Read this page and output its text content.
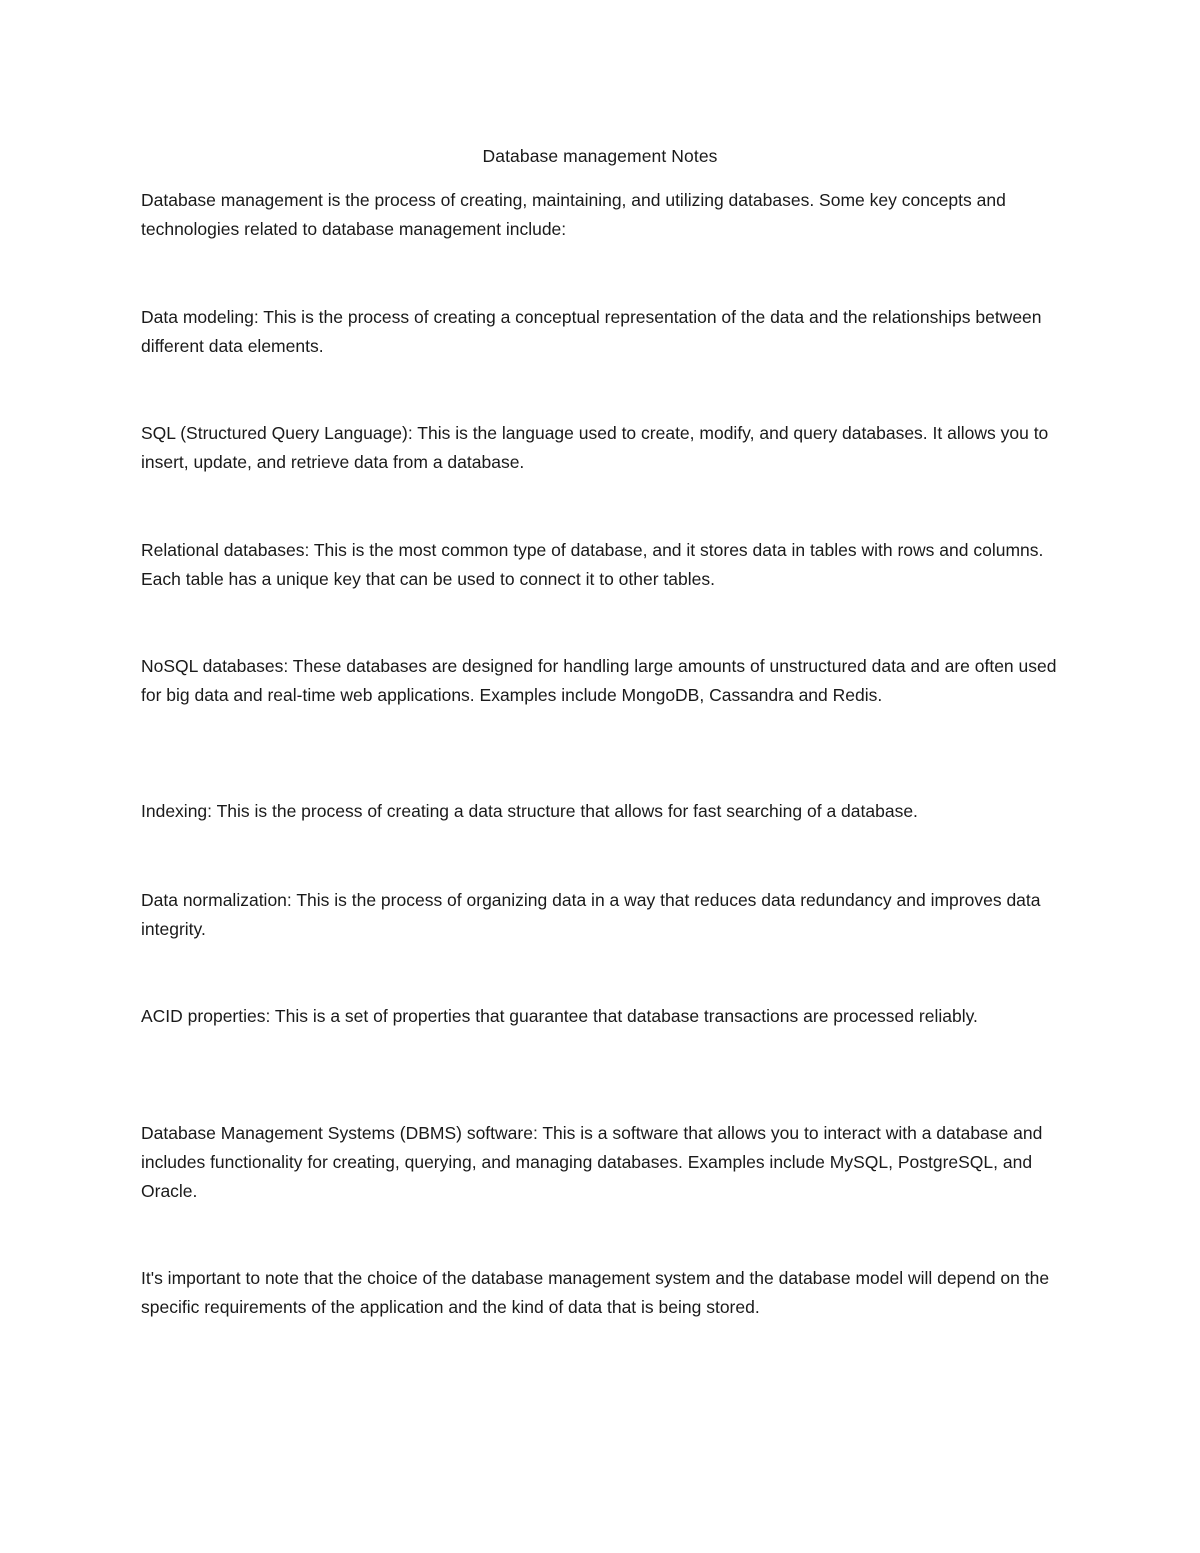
Database management Notes

Database management is the process of creating, maintaining, and utilizing databases. Some key concepts and technologies related to database management include:

Data modeling: This is the process of creating a conceptual representation of the data and the relationships between different data elements.

SQL (Structured Query Language): This is the language used to create, modify, and query databases. It allows you to insert, update, and retrieve data from a database.

Relational databases: This is the most common type of database, and it stores data in tables with rows and columns. Each table has a unique key that can be used to connect it to other tables.

NoSQL databases: These databases are designed for handling large amounts of unstructured data and are often used for big data and real-time web applications. Examples include MongoDB, Cassandra and Redis.

Indexing: This is the process of creating a data structure that allows for fast searching of a database.

Data normalization: This is the process of organizing data in a way that reduces data redundancy and improves data integrity.

ACID properties: This is a set of properties that guarantee that database transactions are processed reliably.

Database Management Systems (DBMS) software: This is a software that allows you to interact with a database and includes functionality for creating, querying, and managing databases. Examples include MySQL, PostgreSQL, and Oracle.

It's important to note that the choice of the database management system and the database model will depend on the specific requirements of the application and the kind of data that is being stored.
